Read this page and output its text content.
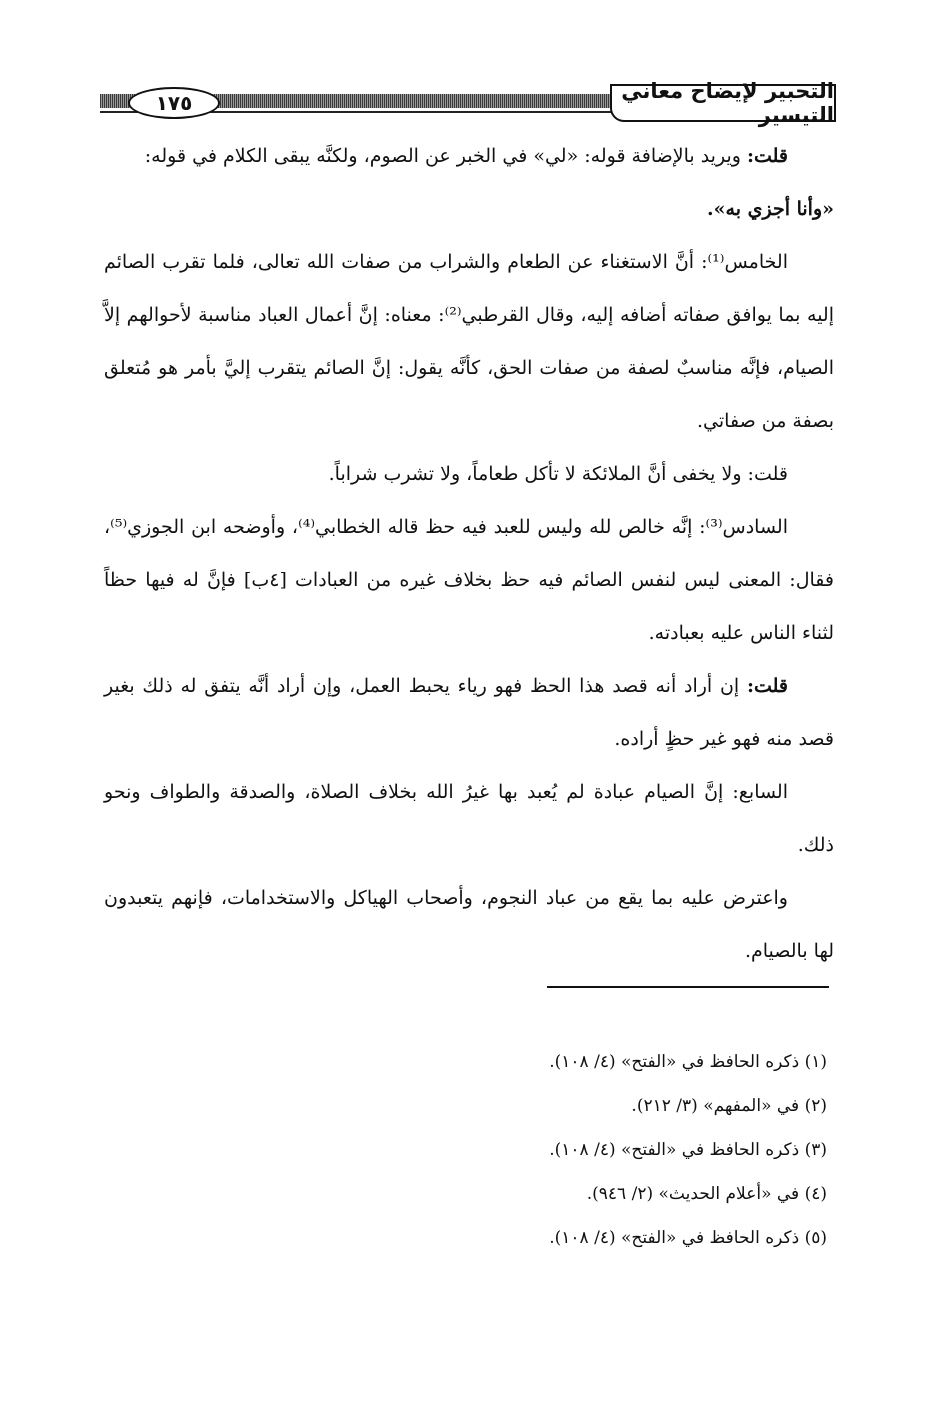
التحبير لإيضاح معاني التيسير
١٧٥

قلت: ويريد بالإضافة قوله: «لي» في الخبر عن الصوم، ولكنَّه يبقى الكلام في قوله:

«وأنا أجزي به».

الخامس⁽¹⁾: أنَّ الاستغناء عن الطعام والشراب من صفات الله تعالى، فلما تقرب الصائم إليه بما يوافق صفاته أضافه إليه، وقال القرطبي⁽²⁾: معناه: إنَّ أعمال العباد مناسبة لأحوالهم إلاَّ الصيام، فإنَّه مناسبٌ لصفة من صفات الحق، كأنَّه يقول: إنَّ الصائم يتقرب إليَّ بأمر هو مُتعلق بصفة من صفاتي.

قلت: ولا يخفى أنَّ الملائكة لا تأكل طعاماً، ولا تشرب شراباً.

السادس⁽³⁾: إنَّه خالص لله وليس للعبد فيه حظ قاله الخطابي⁽⁴⁾، وأوضحه ابن الجوزي⁽⁵⁾، فقال: المعنى ليس لنفس الصائم فيه حظ بخلاف غيره من العبادات [٤ب] فإنَّ له فيها حظاً لثناء الناس عليه بعبادته.

قلت: إن أراد أنه قصد هذا الحظ فهو رياء يحبط العمل، وإن أراد أنَّه يتفق له ذلك بغير قصد منه فهو غير حظٍ أراده.

السابع: إنَّ الصيام عبادة لم يُعبد بها غيرُ الله بخلاف الصلاة، والصدقة والطواف ونحو ذلك.

واعترض عليه بما يقع من عباد النجوم، وأصحاب الهياكل والاستخدامات، فإنهم يتعبدون لها بالصيام.

(١) ذكره الحافظ في «الفتح» (٤/ ١٠٨).

(٢) في «المفهم» (٣/ ٢١٢).

(٣) ذكره الحافظ في «الفتح» (٤/ ١٠٨).

(٤) في «أعلام الحديث» (٢/ ٩٤٦).

(٥) ذكره الحافظ في «الفتح» (٤/ ١٠٨).
